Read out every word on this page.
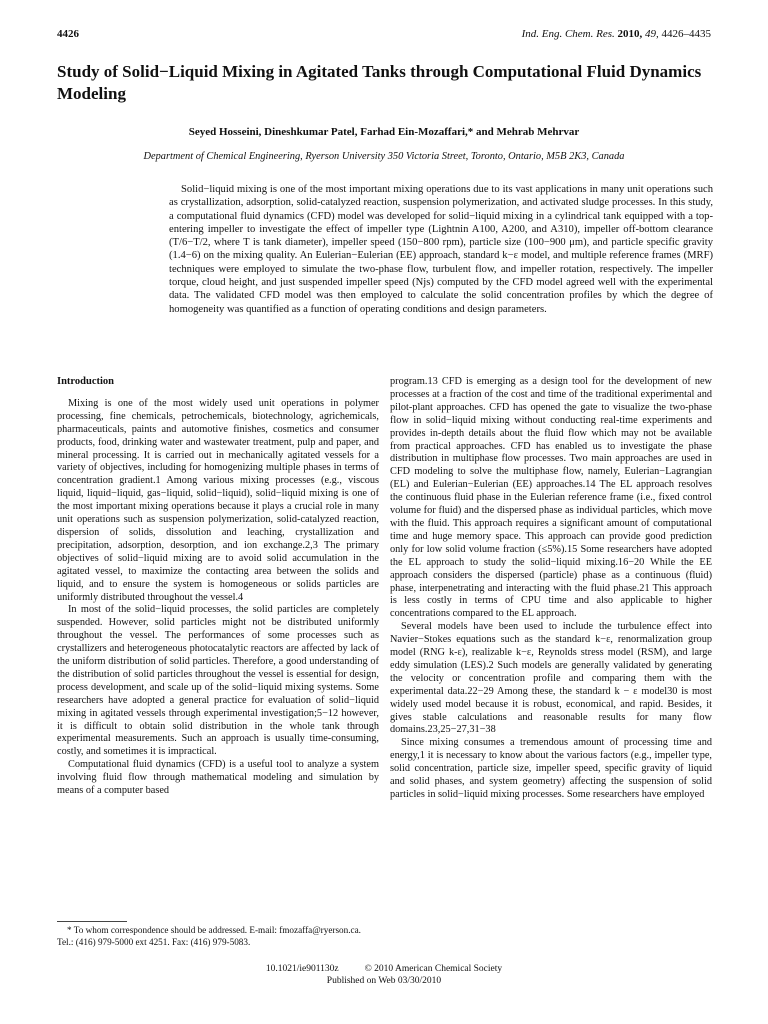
4426	Ind. Eng. Chem. Res. 2010, 49, 4426–4435
Study of Solid−Liquid Mixing in Agitated Tanks through Computational Fluid Dynamics Modeling
Seyed Hosseini, Dineshkumar Patel, Farhad Ein-Mozaffari,* and Mehrab Mehrvar
Department of Chemical Engineering, Ryerson University 350 Victoria Street, Toronto, Ontario, M5B 2K3, Canada

Solid−liquid mixing is one of the most important mixing operations due to its vast applications in many unit operations such as crystallization, adsorption, solid-catalyzed reaction, suspension polymerization, and activated sludge processes. In this study, a computational fluid dynamics (CFD) model was developed for solid−liquid mixing in a cylindrical tank equipped with a top-entering impeller to investigate the effect of impeller type (Lightnin A100, A200, and A310), impeller off-bottom clearance (T/6−T/2, where T is tank diameter), impeller speed (150−800 rpm), particle size (100−900 μm), and particle specific gravity (1.4−6) on the mixing quality. An Eulerian−Eulerian (EE) approach, standard k−ε model, and multiple reference frames (MRF) techniques were employed to simulate the two-phase flow, turbulent flow, and impeller rotation, respectively. The impeller torque, cloud height, and just suspended impeller speed (Njs) computed by the CFD model agreed well with the experimental data. The validated CFD model was then employed to calculate the solid concentration profiles by which the degree of homogeneity was quantified as a function of operating conditions and design parameters.

Introduction

Mixing is one of the most widely used unit operations in polymer processing, fine chemicals, petrochemicals, biotechnology, agrichemicals, pharmaceuticals, paints and automotive finishes, cosmetics and consumer products, food, drinking water and wastewater treatment, pulp and paper, and mineral processing. It is carried out in mechanically agitated vessels for a variety of objectives, including for homogenizing multiple phases in terms of concentration gradient.1 Among various mixing processes (e.g., viscous liquid, liquid−liquid, gas−liquid, solid−liquid), solid−liquid mixing is one of the most important mixing operations because it plays a crucial role in many unit operations such as suspension polymerization, solid-catalyzed reaction, dispersion of solids, dissolution and leaching, crystallization and precipitation, adsorption, desorption, and ion exchange.2,3 The primary objectives of solid−liquid mixing are to avoid solid accumulation in the agitated vessel, to maximize the contacting area between the solids and liquid, and to ensure the system is homogeneous or solids particles are uniformly distributed throughout the vessel.4

In most of the solid−liquid processes, the solid particles are completely suspended. However, solid particles might not be distributed uniformly throughout the vessel. The performances of some processes such as crystallizers and heterogeneous photocatalytic reactors are affected by lack of the uniform distribution of solid particles. Therefore, a good understanding of the distribution of solid particles throughout the vessel is essential for design, process development, and scale up of the solid−liquid mixing systems. Some researchers have adopted a general practice for evaluation of solid−liquid mixing in agitated vessels through experimental investigation;5−12 however, it is difficult to obtain solid distribution in the whole tank through experimental measurements. Such an approach is usually time-consuming, costly, and sometimes it is impractical.

Computational fluid dynamics (CFD) is a useful tool to analyze a system involving fluid flow through mathematical modeling and simulation by means of a computer based

program.13 CFD is emerging as a design tool for the development of new processes at a fraction of the cost and time of the traditional experimental and pilot-plant approaches. CFD has opened the gate to visualize the two-phase flow in solid−liquid mixing without conducting real-time experiments and provides in-depth details about the fluid flow which may not be available from practical approaches. CFD has enabled us to investigate the phase distribution in multiphase flow processes. Two main approaches are used in CFD modeling to solve the multiphase flow, namely, Eulerian−Lagrangian (EL) and Eulerian−Eulerian (EE) approaches.14 The EL approach resolves the continuous fluid phase in the Eulerian reference frame (i.e., fixed control volume for fluid) and the dispersed phase as individual particles, which move with the fluid. This approach requires a significant amount of computational time and huge memory space. This approach can provide good prediction only for low solid volume fraction (≤5%).15 Some researchers have adopted the EL approach to study the solid−liquid mixing.16−20 While the EE approach considers the dispersed (particle) phase as a continuous (fluid) phase, interpenetrating and interacting with the fluid phase.21 This approach is less costly in terms of CPU time and also applicable to higher concentrations compared to the EL approach.

Several models have been used to include the turbulence effect into Navier−Stokes equations such as the standard k−ε, renormalization group model (RNG k-ε), realizable k−ε, Reynolds stress model (RSM), and large eddy simulation (LES).2 Such models are generally validated by generating the velocity or concentration profile and comparing them with the experimental data.22−29 Among these, the standard k − ε model30 is most widely used model because it is robust, economical, and rapid. Besides, it gives stable calculations and reasonable results for many flow domains.23,25−27,31−38

Since mixing consumes a tremendous amount of processing time and energy,1 it is necessary to know about the various factors (e.g., impeller type, solid concentration, particle size, impeller speed, specific gravity of liquid and solid phases, and system geometry) affecting the suspension of solid particles in solid−liquid mixing processes. Some researchers have employed

* To whom correspondence should be addressed. E-mail: fmozaffa@ryerson.ca. Tel.: (416) 979-5000 ext 4251. Fax: (416) 979-5083.

10.1021/ie901130z	© 2010 American Chemical Society
Published on Web 03/30/2010
